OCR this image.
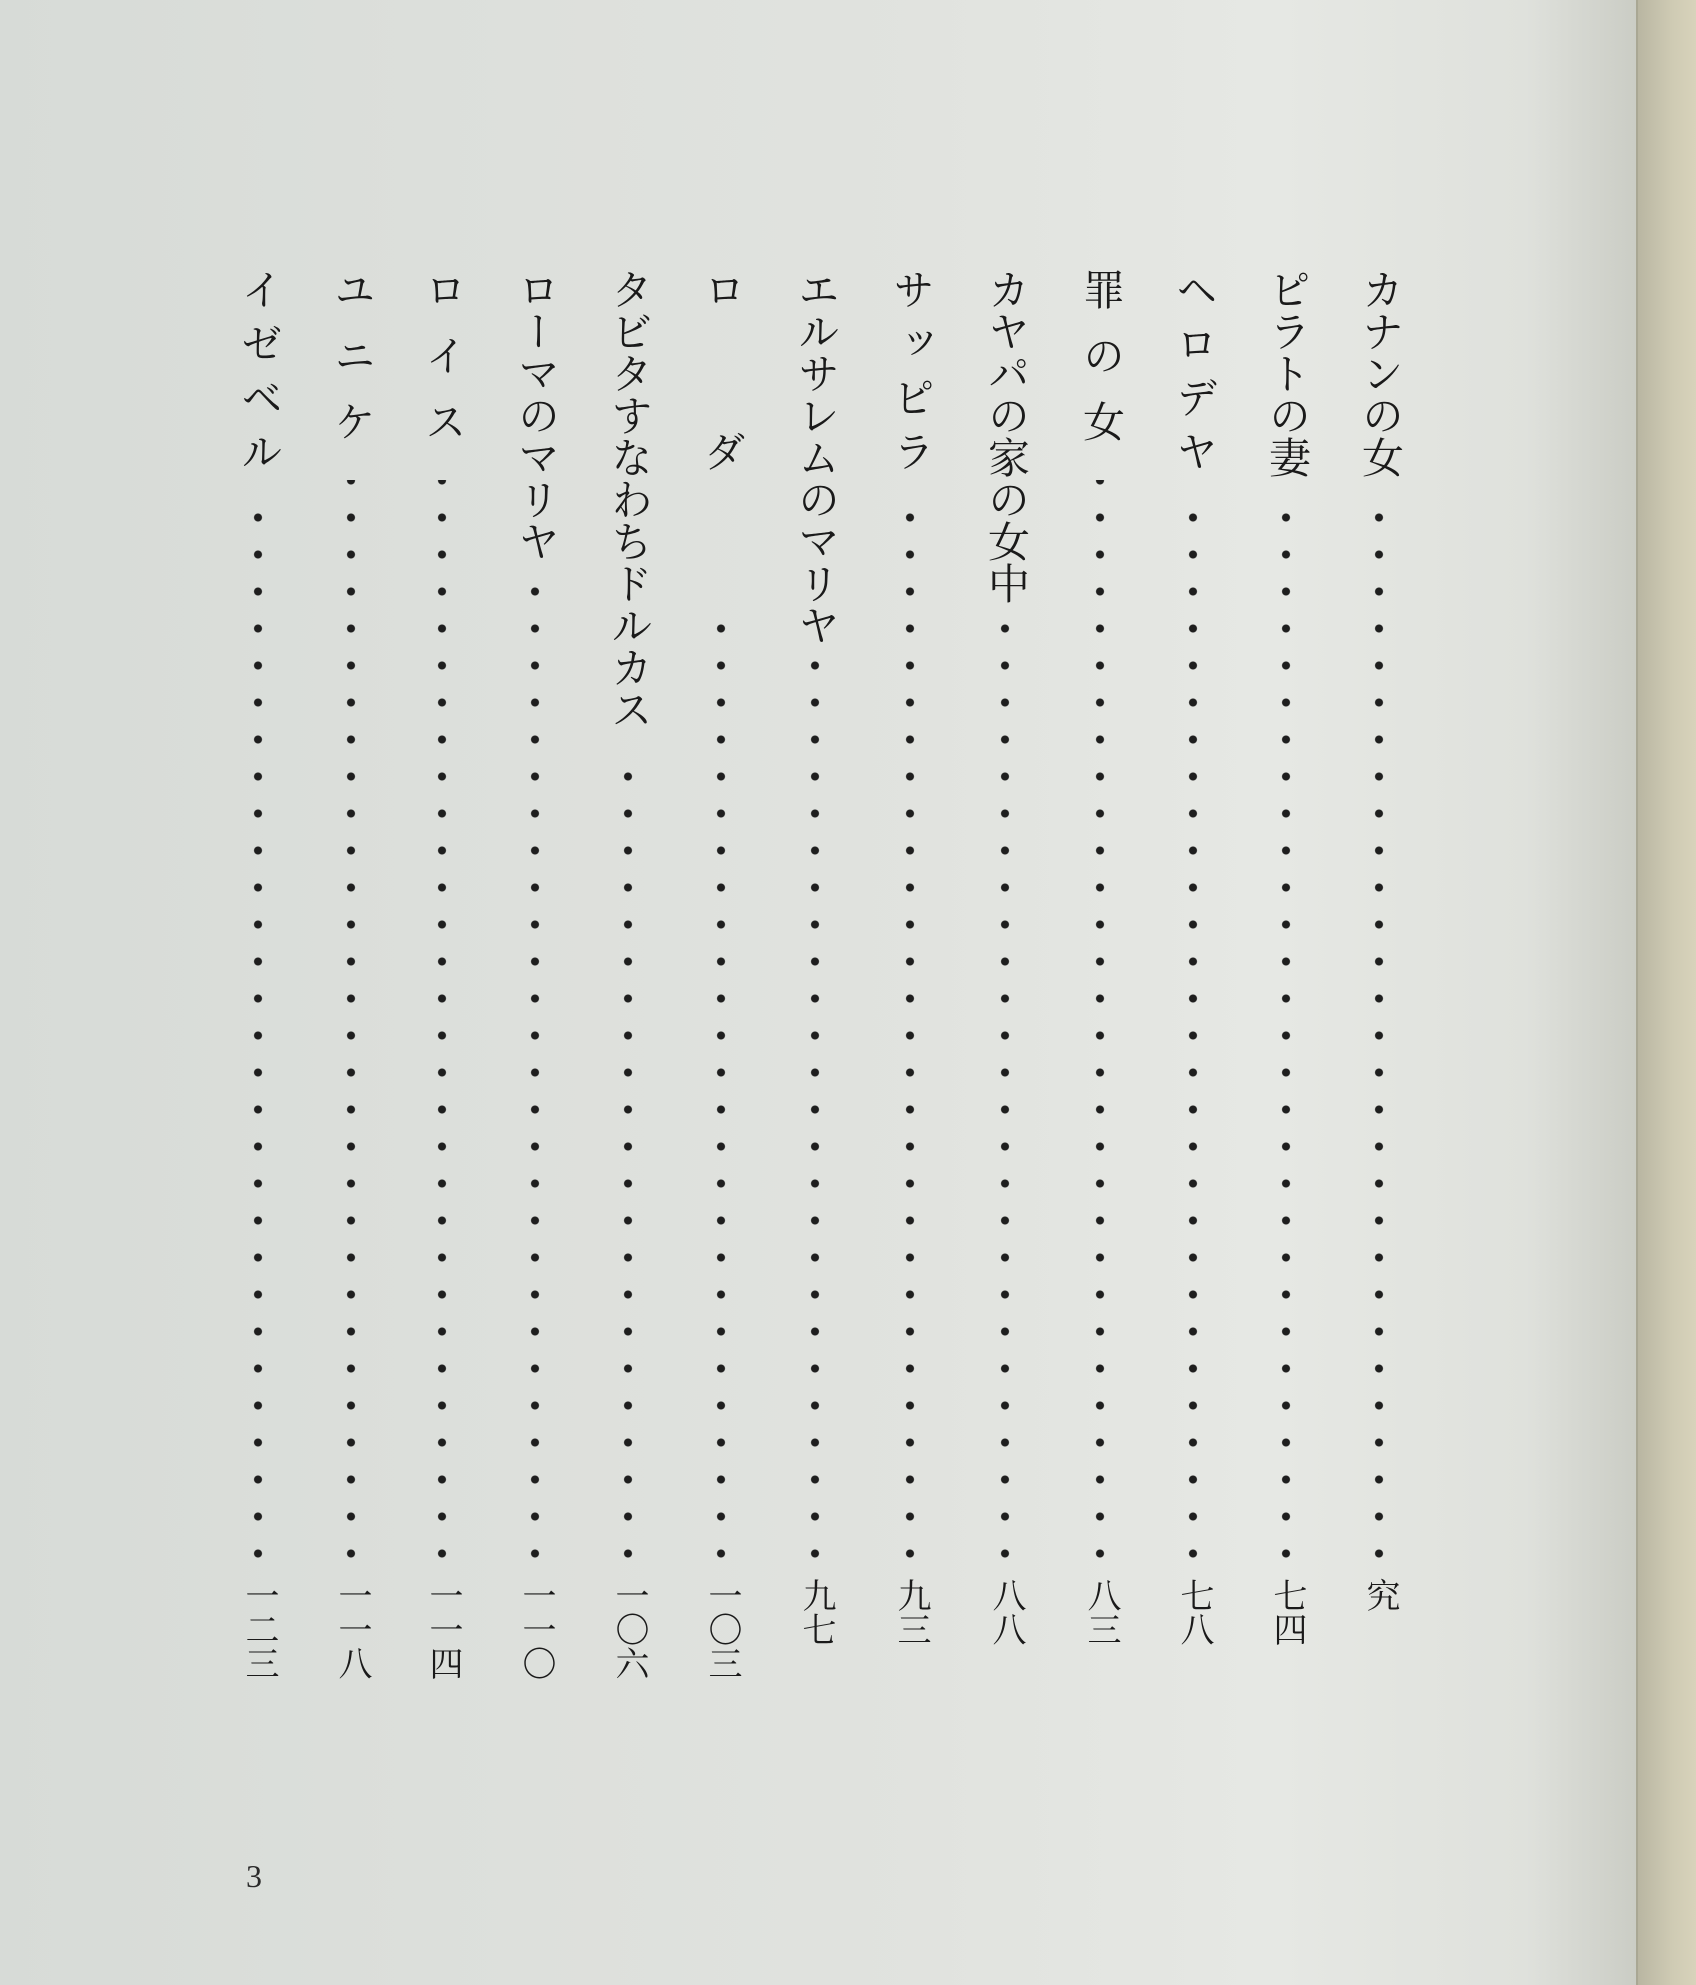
カナンの女
究
ピラトの妻
七四
ヘロデヤ
七八
罪の女
八三
カヤパの家の女中
八八
サッピラ
九三
エルサレムのマリヤ
九七
ロダ
一〇三
タビタすなわちドルカス
一〇六
ローマのマリヤ
一一〇
ロイス
一一四
ユニケ
一一八
イゼベル
一二三
3
